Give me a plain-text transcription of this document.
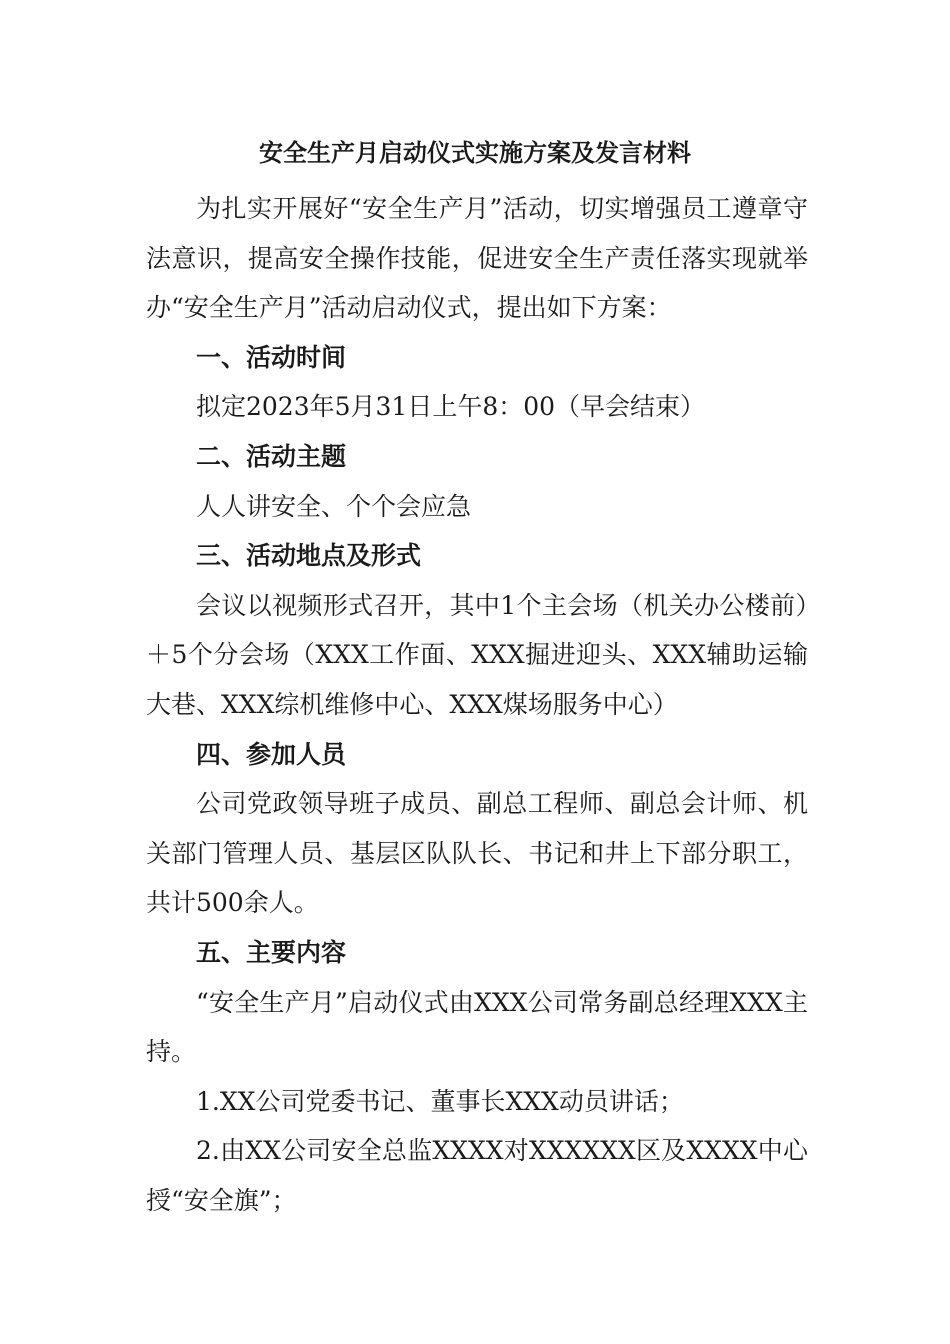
安全生产月启动仪式实施方案及发言材料

为扎实开展好“安全生产月”活动，切实增强员工遵章守法意识，提高安全操作技能，促进安全生产责任落实现就举办“安全生产月”活动启动仪式，提出如下方案：

一、活动时间

拟定2023年5月31日上午8：00（早会结束）

二、活动主题

人人讲安全、个个会应急

三、活动地点及形式

会议以视频形式召开，其中1个主会场（机关办公楼前）＋5个分会场（XXX工作面、XXX掘进迎头、XXX辅助运输大巷、XXX综机维修中心、XXX煤场服务中心）

四、参加人员

公司党政领导班子成员、副总工程师、副总会计师、机关部门管理人员、基层区队队长、书记和井上下部分职工，共计500余人。

五、主要内容

“安全生产月”启动仪式由XXX公司常务副总经理XXX主持。

1.XX公司党委书记、董事长XXX动员讲话；

2.由XX公司安全总监XXXX对XXXXXX区及XXXX中心授“安全旗”；
